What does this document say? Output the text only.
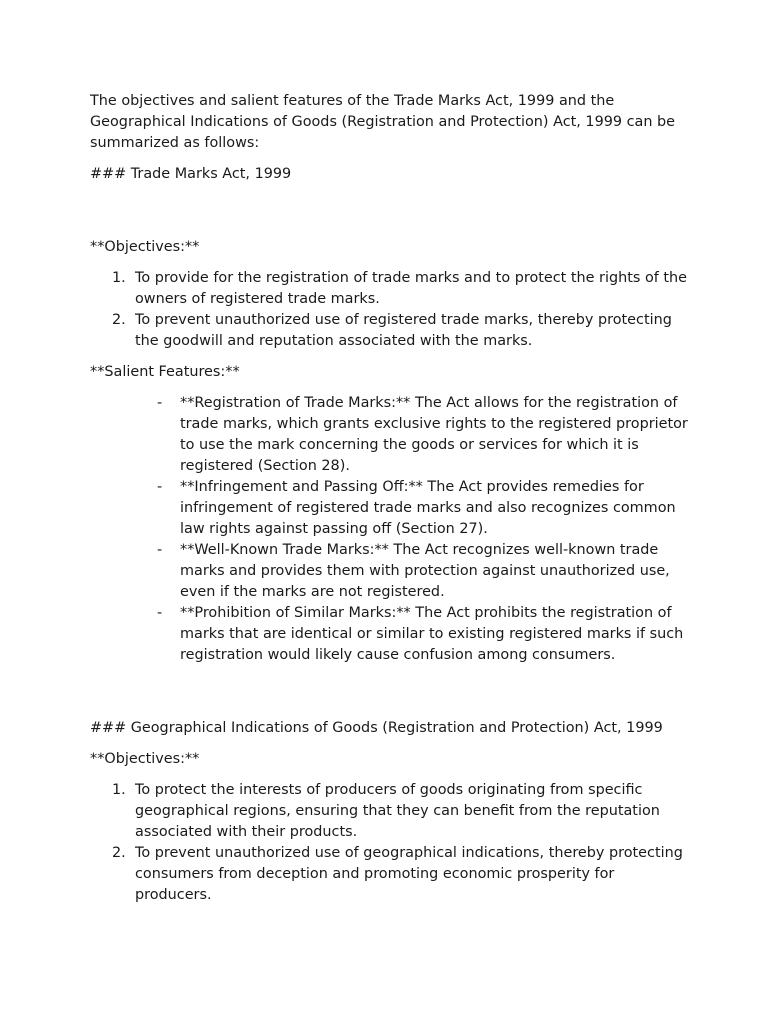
The objectives and salient features of the Trade Marks Act, 1999 and the Geographical Indications of Goods (Registration and Protection) Act, 1999 can be summarized as follows:

### Trade Marks Act, 1999

**Objectives:**

1. To provide for the registration of trade marks and to protect the rights of the owners of registered trade marks.
2. To prevent unauthorized use of registered trade marks, thereby protecting the goodwill and reputation associated with the marks.

**Salient Features:**

- **Registration of Trade Marks:** The Act allows for the registration of trade marks, which grants exclusive rights to the registered proprietor to use the mark concerning the goods or services for which it is registered (Section 28).
- **Infringement and Passing Off:** The Act provides remedies for infringement of registered trade marks and also recognizes common law rights against passing off (Section 27).
- **Well-Known Trade Marks:** The Act recognizes well-known trade marks and provides them with protection against unauthorized use, even if the marks are not registered.
- **Prohibition of Similar Marks:** The Act prohibits the registration of marks that are identical or similar to existing registered marks if such registration would likely cause confusion among consumers.

### Geographical Indications of Goods (Registration and Protection) Act, 1999

**Objectives:**

1. To protect the interests of producers of goods originating from specific geographical regions, ensuring that they can benefit from the reputation associated with their products.
2. To prevent unauthorized use of geographical indications, thereby protecting consumers from deception and promoting economic prosperity for producers.
